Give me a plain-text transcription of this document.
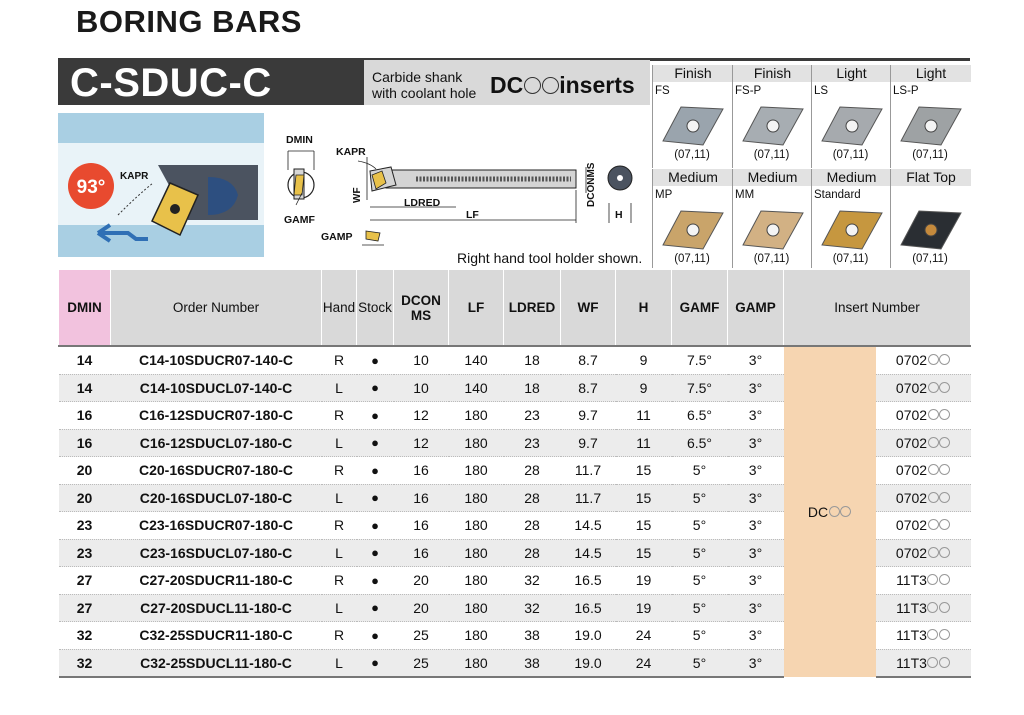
BORING BARS
C-SDUC-C	Carbide shank
with coolant hole DC inserts
93°
KAPR
DMIN
GAMF
KAPR
WF	LDRED
LF
DCONMS
H
GAMP
Right hand tool holder shown.
DMIN	Order Number	Hand	Stock	DCON MS	LF	LDRED	WF	H	GAMF	GAMP	Insert Number	
14	C14-10SDUCR07-140-C	R	●	10	140	18	8.7	9	7.5°	3°	DC	0702
14	C14-10SDUCL07-140-C	L	●	10	140	18	8.7	9	7.5°	3°		0702
16	C16-12SDUCR07-180-C	R	●	12	180	23	9.7	11	6.5°	3°		0702
16	C16-12SDUCL07-180-C	L	●	12	180	23	9.7	11	6.5°	3°		0702
20	C20-16SDUCR07-180-C	R	●	16	180	28	11.7	15	5°	3°		0702
20	C20-16SDUCL07-180-C	L	●	16	180	28	11.7	15	5°	3°		0702
23	C23-16SDUCR07-180-C	R	●	16	180	28	14.5	15	5°	3°		0702
23	C23-16SDUCL07-180-C	L	●	16	180	28	14.5	15	5°	3°		0702
27	C27-20SDUCR11-180-C	R	●	20	180	32	16.5	19	5°	3°		11T3
27	C27-20SDUCL11-180-C	L	●	20	180	32	16.5	19	5°	3°		11T3
32	C32-25SDUCR11-180-C	R	●	25	180	38	19.0	24	5°	3°		11T3
32	C32-25SDUCL11-180-C	L	●	25	180	38	19.0	24	5°	3°		11T3
Finish
FS
(07,11)
Finish
FS-P
(07,11)
Light
LS
(07,11)
Light
LS-P
(07,11)
Medium
MP
(07,11)
Medium
MM
(07,11)
Medium
Standard
(07,11)
Flat Top
(07,11)
